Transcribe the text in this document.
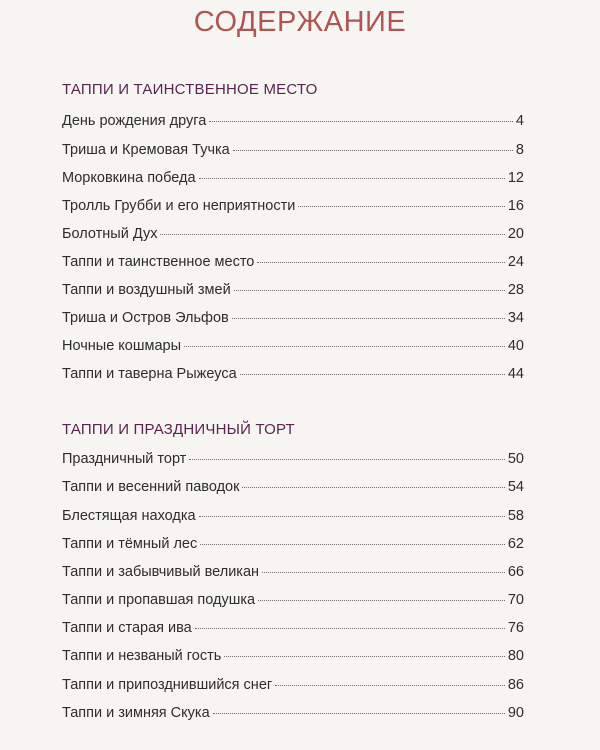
СОДЕРЖАНИЕ
ТАППИ И ТАИНСТВЕННОЕ МЕСТО
День рождения друга	4
Триша и Кремовая Тучка	8
Морковкина победа	12
Тролль Грубби и его неприятности	16
Болотный Дух	20
Таппи и таинственное место	24
Таппи и воздушный змей	28
Триша и Остров Эльфов	34
Ночные кошмары	40
Таппи и таверна Рыжеуса	44
ТАППИ И ПРАЗДНИЧНЫЙ ТОРТ
Праздничный торт	50
Таппи и весенний паводок	54
Блестящая находка	58
Таппи и тёмный лес	62
Таппи и забывчивый великан	66
Таппи и пропавшая подушка	70
Таппи и старая ива	76
Таппи и незваный гость	80
Таппи и припозднившийся снег	86
Таппи и зимняя Скука	90
